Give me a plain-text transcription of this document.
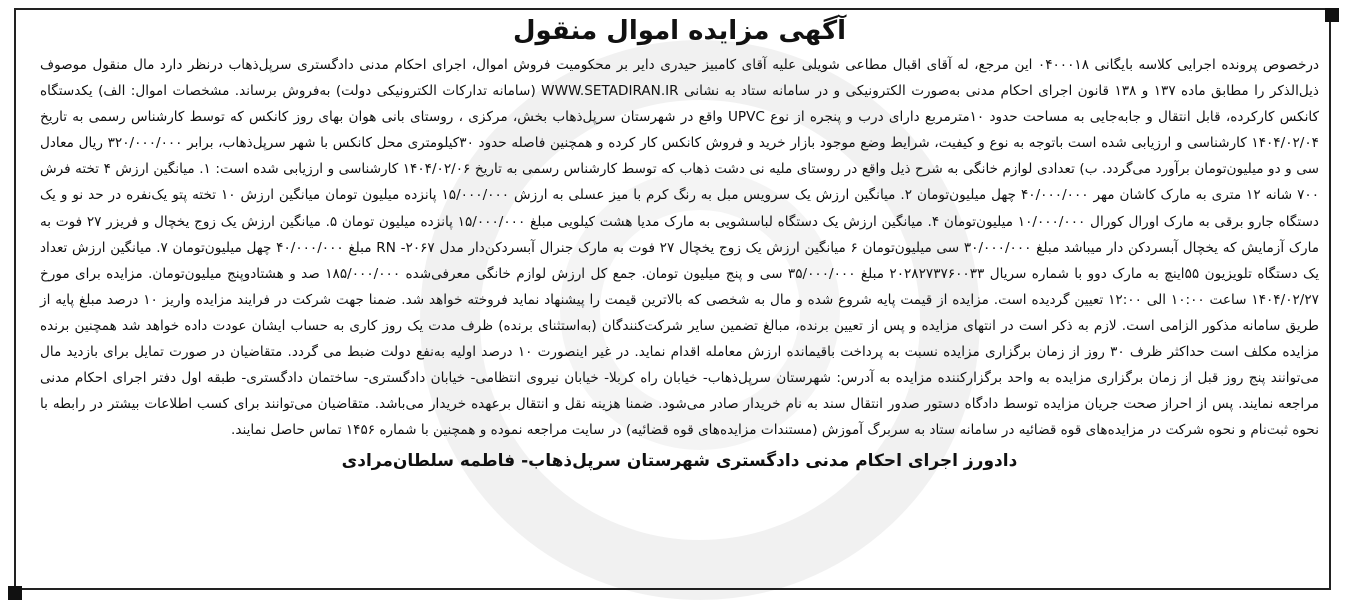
آگهی مزایده اموال منقول

درخصوص پرونده اجرایی کلاسه بایگانی ۰۴۰۰۰۱۸ این مرجع، له آقای اقبال مطاعی شویلی علیه آقای کامبیز حیدری دایر بر محکومیت فروش اموال، اجرای احکام مدنی دادگستری سرپل‌ذهاب درنظر دارد مال منقول موصوف ذیل‌الذکر را مطابق ماده ۱۳۷ و ۱۳۸ قانون اجرای احکام مدنی به‌صورت الکترونیکی و در سامانه ستاد به نشانی WWW.SETADIRAN.IR (سامانه تدارکات الکترونیکی دولت) به‌فروش برساند. مشخصات اموال: الف) یکدستگاه کانکس کارکرده، قابل انتقال و جابه‌جایی به مساحت حدود ۱۰مترمربع دارای درب و پنجره از نوع UPVC واقع در شهرستان سرپل‌ذهاب بخش، مرکزی ، روستای بانی هوان بهای روز کانکس که توسط کارشناس رسمی به تاریخ ۱۴۰۴/۰۲/۰۴ کارشناسی و ارزیابی شده است باتوجه به نوع و کیفیت، شرایط وضع موجود بازار خرید و فروش کانکس کار کرده و همچنین فاصله حدود ۳۰کیلومتری محل کانکس با شهر سرپل‌ذهاب، برابر ۳۲۰/۰۰۰/۰۰۰ ریال معادل سی و دو میلیون‌تومان برآورد می‌گردد. ب) تعدادی لوازم خانگی به شرح ذیل واقع در روستای ملیه نی دشت ذهاب که توسط کارشناس رسمی به تاریخ ۱۴۰۴/۰۲/۰۶ کارشناسی و ارزیابی شده است: ۱. میانگین ارزش ۴ تخته فرش ۷۰۰ شانه ۱۲ متری به مارک کاشان مهر ۴۰/۰۰۰/۰۰۰ چهل میلیون‌تومان ۲. میانگین ارزش یک سرویس مبل به رنگ کرم با میز عسلی به ارزش ۱۵/۰۰۰/۰۰۰ پانزده میلیون تومان میانگین ارزش ۱۰ تخته پتو یک‌نفره در حد نو و یک دستگاه جارو برقی به مارک اورال کورال ۱۰/۰۰۰/۰۰۰ میلیون‌تومان ۴. میانگین ارزش یک دستگاه لباسشویی به مارک مدیا هشت کیلویی مبلغ ۱۵/۰۰۰/۰۰۰ پانزده میلیون تومان ۵. میانگین ارزش یک زوج یخچال و فریزر ۲۷ فوت به مارک آزمایش که یخچال آبسردکن دار میباشد مبلغ ۳۰/۰۰۰/۰۰۰ سی میلیون‌تومان ۶ میانگین ارزش یک زوج یخچال ۲۷ فوت به مارک جنرال آبسردکن‌دار مدل ۲۰۶۷- RN مبلغ ۴۰/۰۰۰/۰۰۰ چهل میلیون‌تومان ۷. میانگین ارزش تعداد یک دستگاه تلویزیون ۵۵اینچ به مارک دوو با شماره سریال ۲۰۲۸۲۷۳۷۶۰۰۳۳ مبلغ ۳۵/۰۰۰/۰۰۰ سی و پنج میلیون تومان. جمع کل ارزش لوازم خانگی معرفی‌شده ۱۸۵/۰۰۰/۰۰۰ صد و هشتادوپنج میلیون‌تومان. مزایده برای مورخ ۱۴۰۴/۰۲/۲۷ ساعت ۱۰:۰۰ الی ۱۲:۰۰ تعیین گردیده است. مزایده از قیمت پایه شروع شده و مال به شخصی که بالاترین قیمت را پیشنهاد نماید فروخته خواهد شد. ضمنا جهت شرکت در فرایند مزایده واریز ۱۰ درصد مبلغ پایه از طریق سامانه مذکور الزامی است. لازم به ذکر است در انتهای مزایده و پس از تعیین برنده، مبالغ تضمین سایر شرکت‌کنندگان (به‌استثنای برنده) ظرف مدت یک روز کاری به حساب ایشان عودت داده خواهد شد همچنین برنده مزایده مکلف است حداکثر ظرف ۳۰ روز از زمان برگزاری مزایده نسبت به پرداخت باقیمانده ارزش معامله اقدام نماید. در غیر اینصورت ۱۰ درصد اولیه به‌نفع دولت ضبط می گردد. متقاضیان در صورت تمایل برای بازدید مال می‌توانند پنج روز قبل از زمان برگزاری مزایده به واحد برگزارکننده مزایده به آدرس: شهرستان سرپل‌ذهاب- خیابان راه کربلا- خیابان نیروی انتظامی- خیابان دادگستری- ساختمان دادگستری- طبقه اول دفتر اجرای احکام مدنی مراجعه نمایند. پس از احراز صحت جریان مزایده توسط دادگاه دستور صدور انتقال سند به نام خریدار صادر می‌شود. ضمنا هزینه نقل و انتقال برعهده خریدار می‌باشد. متقاضیان می‌توانند برای کسب اطلاعات بیشتر در رابطه با نحوه ثبت‌نام و نحوه شرکت در مزایده‌های قوه قضائیه در سامانه ستاد به سربرگ آموزش (مستندات مزایده‌های قوه قضائیه) در سایت مراجعه نموده و همچنین با شماره ۱۴۵۶ تماس حاصل نمایند.

دادورز اجرای احکام مدنی دادگستری شهرستان سرپل‌ذهاب- فاطمه سلطان‌مرادی
